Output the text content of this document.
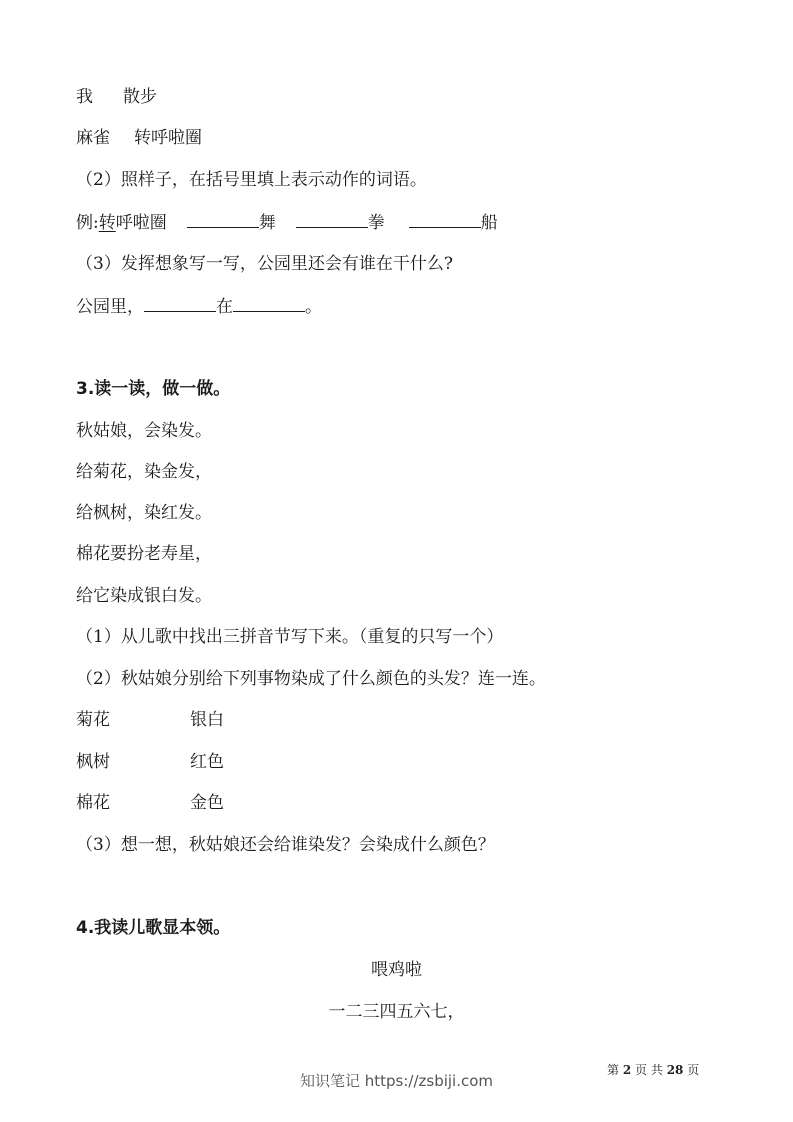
我 散步
麻雀 转呼啦圈
（2）照样子，在括号里填上表示动作的词语。
例:转呼啦圈	舞	拳	船
（3）发挥想象写一写，公园里还会有谁在干什么?
公园里，	在	。
3.读一读，做一做。
秋姑娘，会染发。
给菊花，染金发，
给枫树，染红发。
棉花要扮老寿星，
给它染成银白发。
（1）从儿歌中找出三拼音节写下来。（重复的只写一个）
（2）秋姑娘分别给下列事物染成了什么颜色的头发？连一连。
菊花	银白
枫树	红色
棉花	金色
（3）想一想，秋姑娘还会给谁染发？会染成什么颜色？
4.我读儿歌显本领。
喂鸡啦
一二三四五六七，
第 2 页 共 28 页
知识笔记 https://zsbiji.com
